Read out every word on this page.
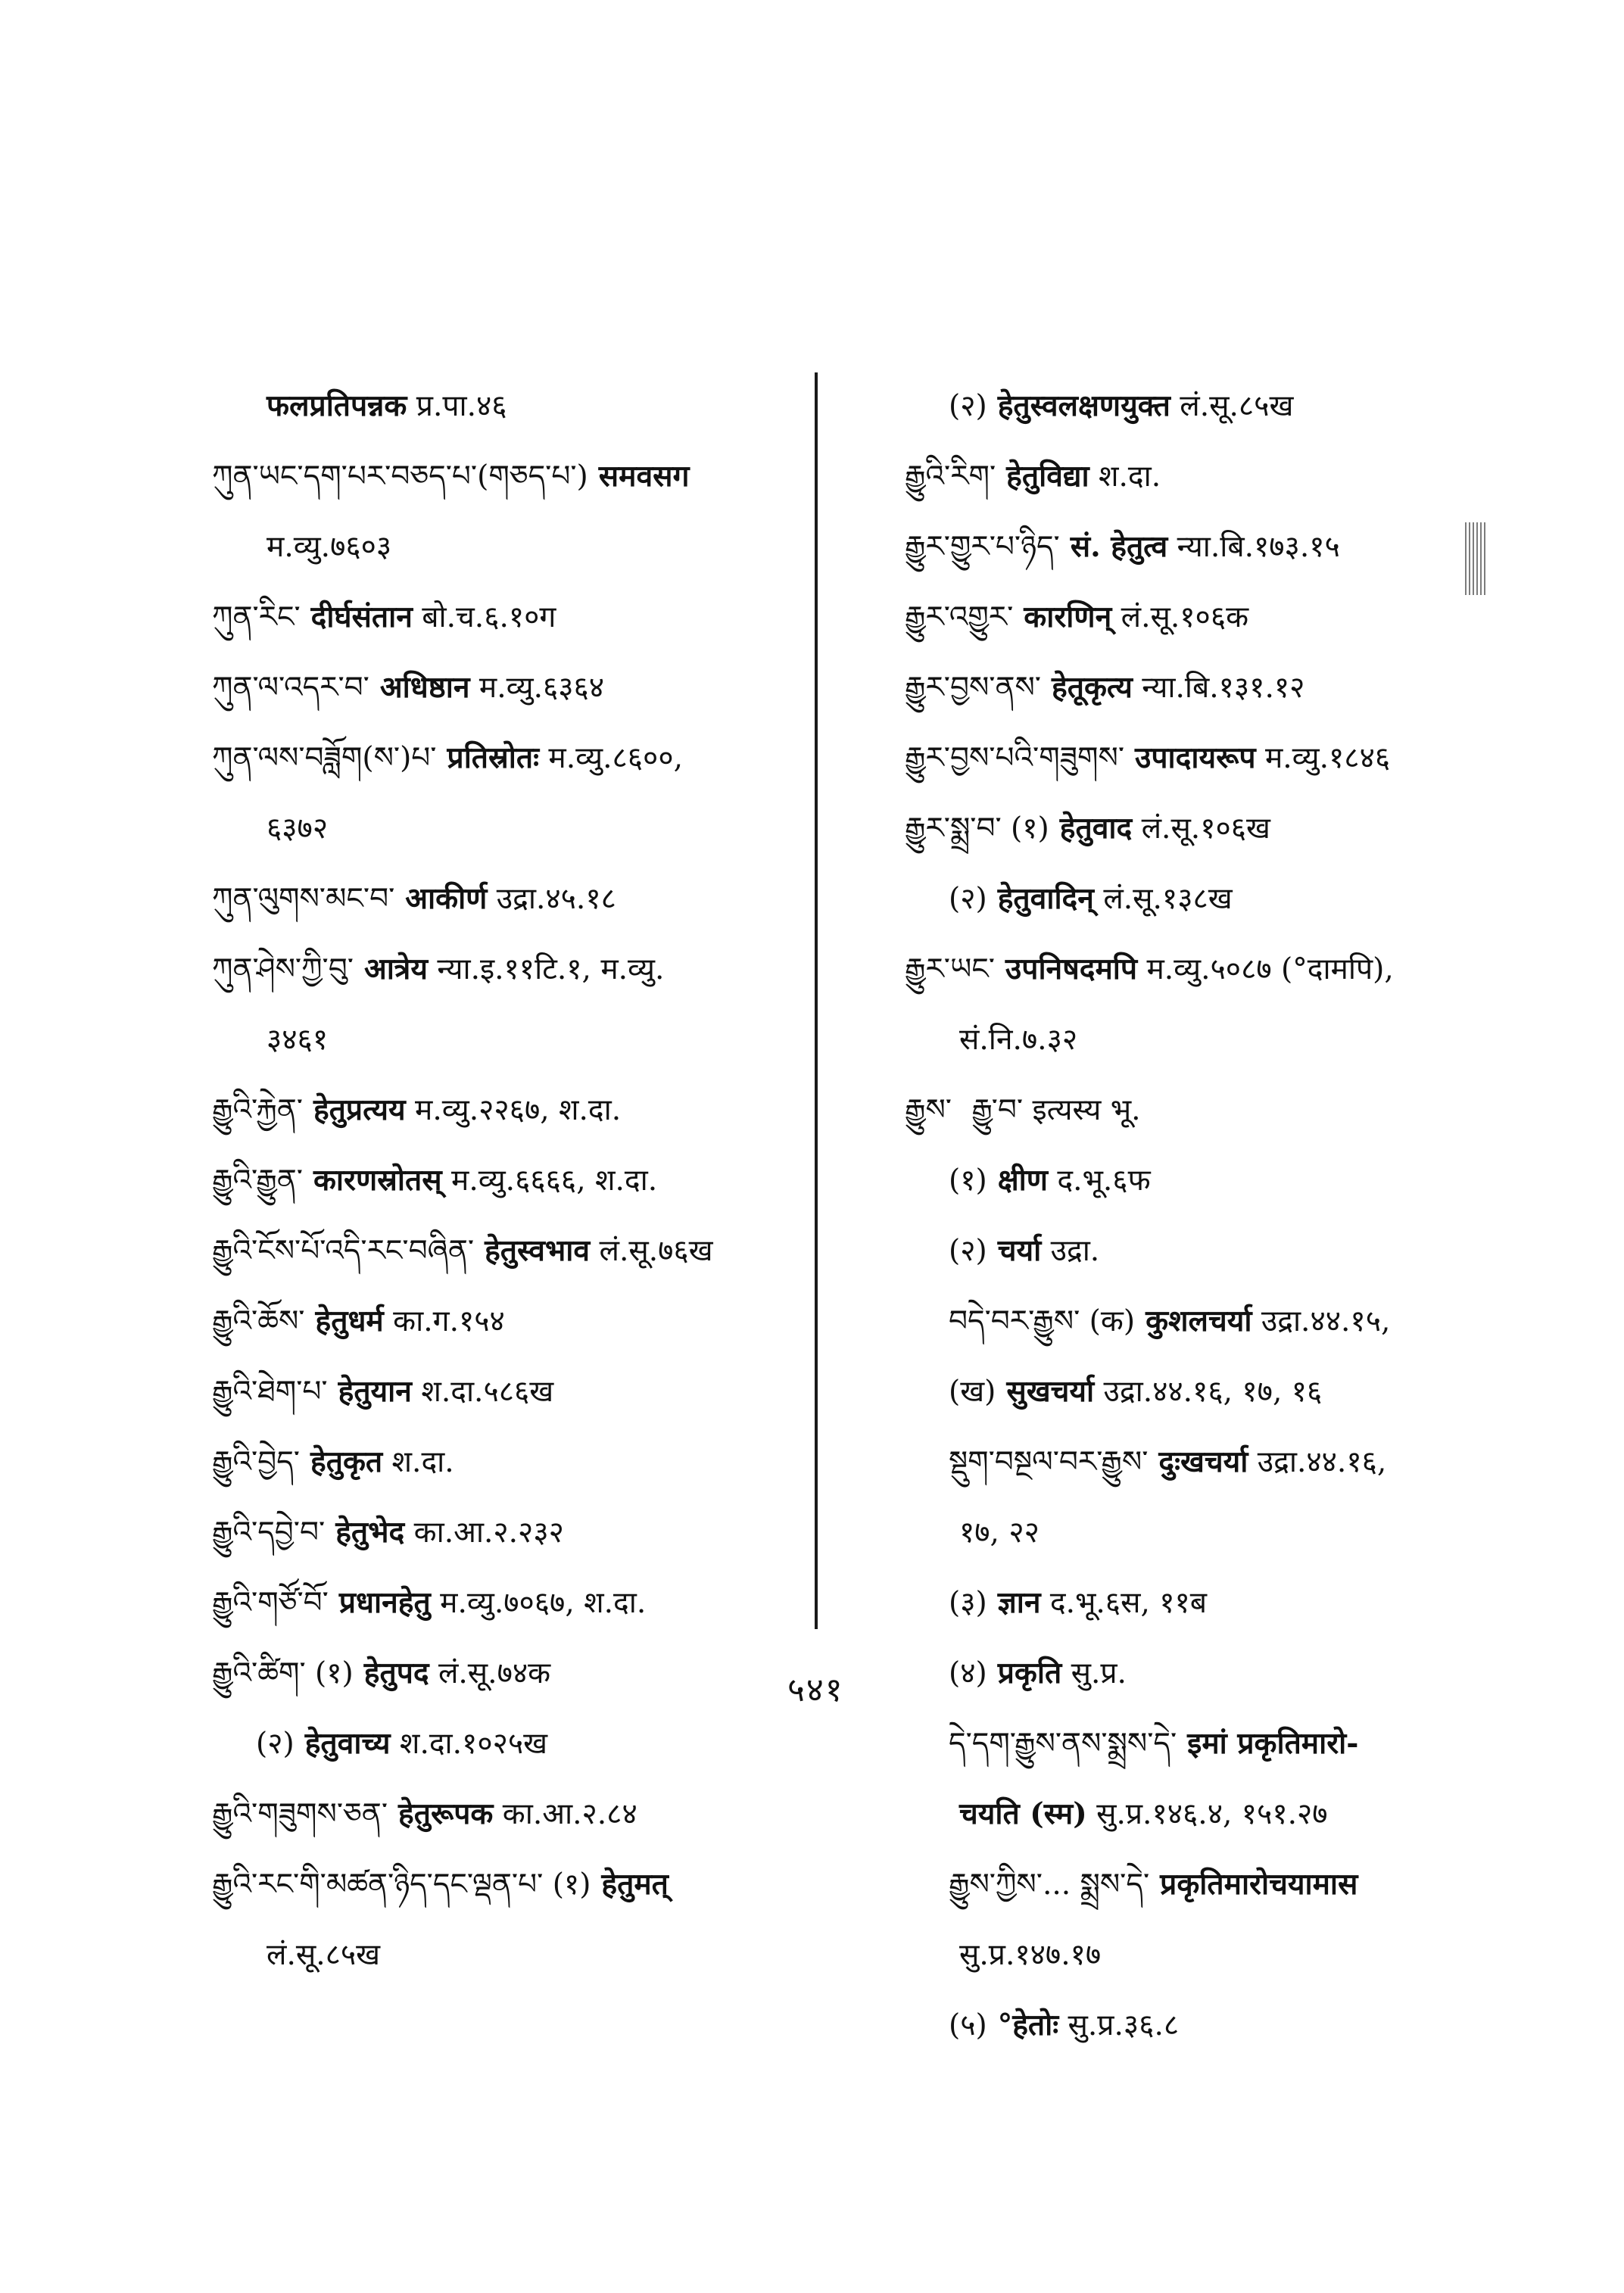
फलप्रतिपन्नक प्र.पा.४६
ཀུན་ཡང་དག་པར་བཅད་པ་(གཅད་པ་) समवसग
म.व्यु.७६०३
ཀུན་རིང་ दीर्घसंतान बो.च.६.१०ग
ཀུན་ལ་འདར་བ་ अधिष्ठान म.व्यु.६३६४
ཀུན་ལས་བཟློག(ས་)པ་ प्रतिस्रोतः म.व्यु.८६००,
६३७२
ཀུན་ལུགས་མང་བ་ आकीर्ण उद्रा.४५.१८
ཀུན་ཤེས་ཀྱི་བུ་ आत्रेय न्या.इ.११टि.१, म.व्यु.
३४६१
རྒྱུའི་རྐྱེན་ हेतुप्रत्यय म.व्यु.२२६७, श.दा.
རྒྱུའི་རྒྱུན་ कारणस्रोतस् म.व्यु.६६६६, श.दा.
རྒྱུའི་ངོས་པོ་འདི་རང་བཞིན་ हेतुस्वभाव लं.सू.७६ख
རྒྱུའི་ཆོས་ हेतुधर्म का.ग.१५४
རྒྱུའི་ཐེག་པ་ हेतुयान श.दा.५८६ख
རྒྱུའི་བྱེད་ हेतुकृत श.दा.
རྒྱུའི་དབྱེ་བ་ हेतुभेद का.आ.२.२३२
རྒྱུའི་གཙོ་བོ་ प्रधानहेतु म.व्यु.७०६७, श.दा.
རྒྱུའི་ཚིག་ (१) हेतुपद लं.सू.७४क
(२) हेतुवाच्य श.दा.१०२५ख
རྒྱུའི་གཟུགས་ཅན་ हेतुरूपक का.आ.२.८४
རྒྱུའི་རང་གི་མཚན་ཉིད་དང་ལྡན་པ་ (१) हेतुमत्
लं.सू.८५ख
(२) हेतुस्वलक्षणयुक्त लं.सू.८५ख
རྒྱུའི་རིག་ हेतुविद्या श.दा.
རྒྱུར་གྱུར་པ་ཉིད་ सं. हेतुत्व न्या.बि.१७३.१५
རྒྱུར་འགྱུར་ कारणिन् लं.सू.१०६क
རྒྱུར་བྱས་ནས་ हेतूकृत्य न्या.बि.१३१.१२
རྒྱུར་བྱས་པའི་གཟུགས་ उपादायरूप म.व्यु.१८४६
རྒྱུར་སྨྲ་བ་ (१) हेतुवाद लं.सू.१०६ख
(२) हेतुवादिन् लं.सू.१३८ख
རྒྱུར་ཡང་ उपनिषदमपि म.व्यु.५०८७ (°दामपि),
सं.नि.७.३२
རྒྱུས་ རྒྱུ་བ་ इत्यस्य भू.
(१) क्षीण द.भू.६फ
(२) चर्या उद्रा.
བདེ་བར་རྒྱུས་ (क) कुशलचर्या उद्रा.४४.१५,
(ख) सुखचर्या उद्रा.४४.१६, १७, १६
སྡུག་བསྔལ་བར་རྒྱུས་ दुःखचर्या उद्रा.४४.१६,
१७, २२
(३) ज्ञान द.भू.६स, ११ब
(४) प्रकृति सु.प्र.
དེ་དག་རྒྱུས་ནས་སྨྲས་དེ་ इमां प्रकृतिमारो-
चयति (स्म) सु.प्र.१४६.४, १५१.२७
རྒྱུས་ཀྱིས་... སྨྲས་དེ་ प्रकृतिमारोचयामास
सु.प्र.१४७.१७
(५) °हेतोः सु.प्र.३६.८
५४१
